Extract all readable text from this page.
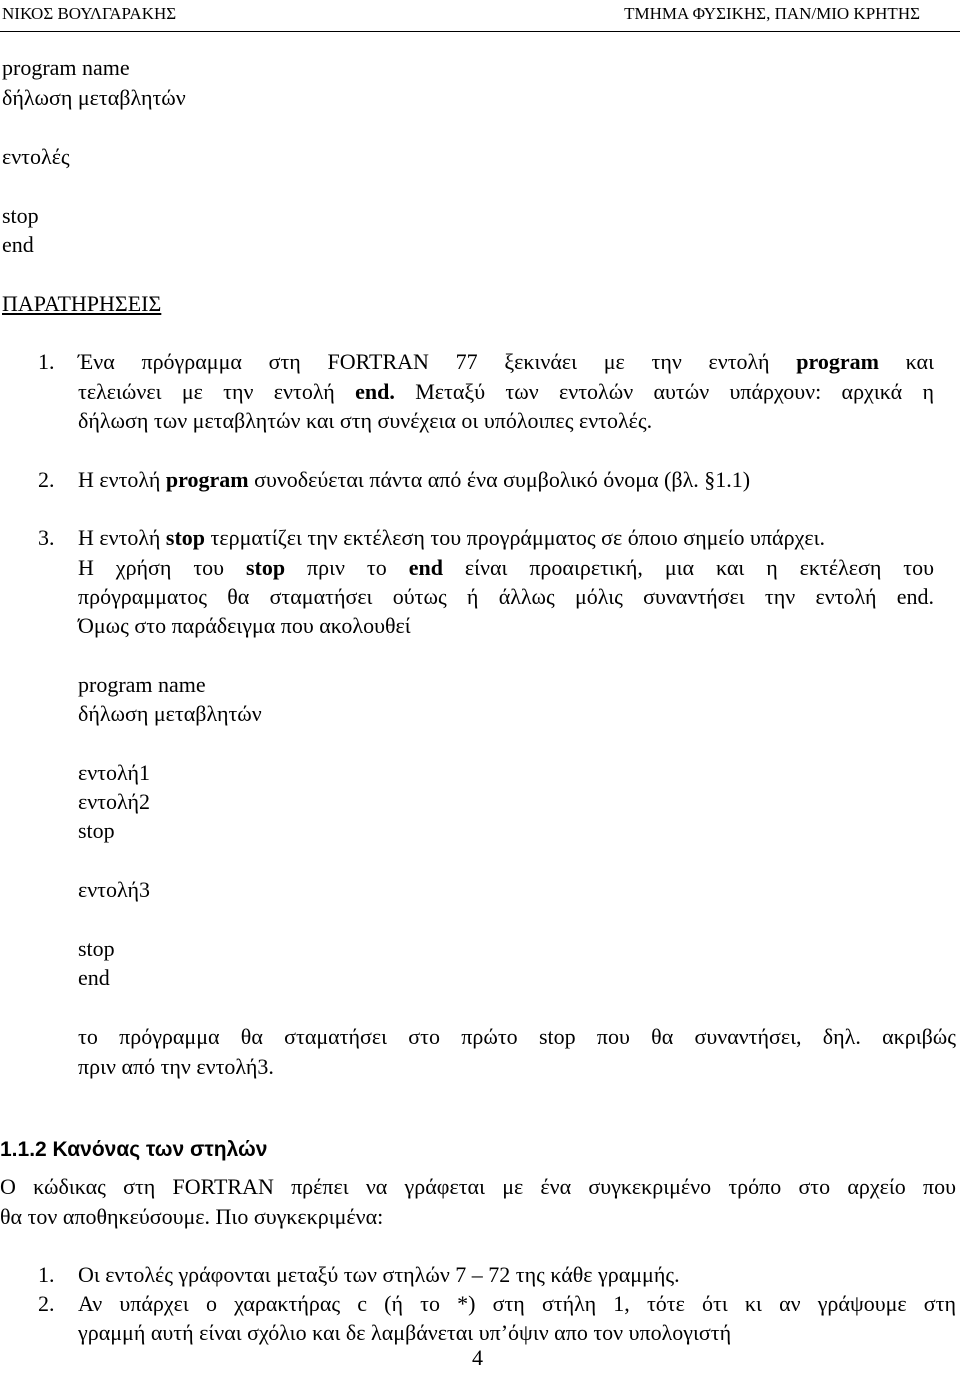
ΝΙΚΟΣ ΒΟΥΛΓΑΡΑΚΗΣ	ΤΜΗΜΑ ΦΥΣΙΚΗΣ, ΠΑΝ/ΜΙΟ ΚΡΗΤΗΣ
program name
δήλωση μεταβλητών
εντολές
stop
end
ΠΑΡΑΤΗΡΗΣΕΙΣ
1. Ένα πρόγραμμα στη FORTRAN 77 ξεκινάει με την εντολή program και
τελειώνει με την εντολή end. Μεταξύ των εντολών αυτών υπάρχουν: αρχικά η
δήλωση των μεταβλητών και στη συνέχεια οι υπόλοιπες εντολές.
2. Η εντολή program συνοδεύεται πάντα από ένα συμβολικό όνομα (βλ. §1.1)
3. Η εντολή stop τερματίζει την εκτέλεση του προγράμματος σε όποιο σημείο υπάρχει.
Η χρήση του stop πριν το end είναι προαιρετική, μια και η εκτέλεση του
πρόγραμματος θα σταματήσει ούτως ή άλλως μόλις συναντήσει την εντολή end.
Όμως στο παράδειγμα που ακολουθεί
program name
δήλωση μεταβλητών
εντολή1
εντολή2
stop
εντολή3
stop
end
το πρόγραμμα θα σταματήσει στο πρώτο stop που θα συναντήσει, δηλ. ακριβώς
πριν από την εντολή3.
1.1.2 Κανόνας των στηλών
Ο κώδικας στη FORTRAN πρέπει να γράφεται με ένα συγκεκριμένο τρόπο στο αρχείο που
θα τον αποθηκεύσουμε. Πιο συγκεκριμένα:
1. Οι εντολές γράφονται μεταξύ των στηλών 7 – 72 της κάθε γραμμής.
2. Αν υπάρχει ο χαρακτήρας c (ή το *) στη στήλη 1, τότε ότι κι αν γράψουμε στη
γραμμή αυτή είναι σχόλιο και δε λαμβάνεται υπ’όψιν απο τον υπολογιστή
4
